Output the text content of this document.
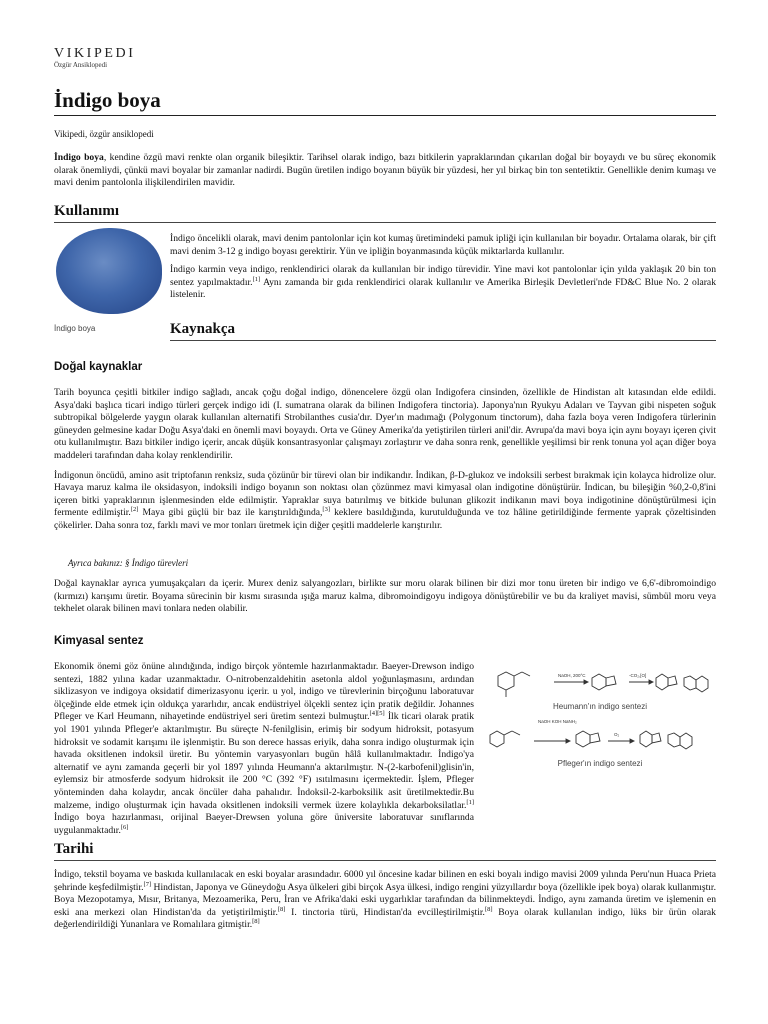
VIKIPEDI
Özgür Ansiklopedi
İndigo boya
Vikipedi, özgür ansiklopedi

İndigo boya, kendine özgü mavi renkte olan organik bileşiktir. Tarihsel olarak indigo, bazı bitkilerin yapraklarından çıkarılan doğal bir boyaydı ve bu süreç ekonomik olarak önemliydi, çünkü mavi boyalar bir zamanlar nadirdi. Bugün üretilen indigo boyanın büyük bir yüzdesi, her yıl birkaç bin ton sentetiktir. Genellikle denim kumaşı ve mavi denim pantolonla ilişkilendirilen mavidir.

Kullanımı
İndigo boya

İndigo öncelikli olarak, mavi denim pantolonlar için kot kumaş üretimindeki pamuk ipliği için kullanılan bir boyadır. Ortalama olarak, bir çift mavi denim 3-12 g indigo boyası gerektirir. Yün ve ipliğin boyanmasında küçük miktarlarda kullanılır.

İndigo karmin veya indigo, renklendirici olarak da kullanılan bir indigo türevidir. Yine mavi kot pantolonlar için yılda yaklaşık 20 bin ton sentez yapılmaktadır.[1] Aynı zamanda bir gıda renklendirici olarak kullanılır ve Amerika Birleşik Devletleri'nde FD&C Blue No. 2 olarak listelenir.

Kaynakça
Doğal kaynaklar

Tarih boyunca çeşitli bitkiler indigo sağladı, ancak çoğu doğal indigo, dönencelere özgü olan Indigofera cinsinden, özellikle de Hindistan alt kıtasından elde edildi. Asya'daki başlıca ticari indigo türleri gerçek indigo idi (I. sumatrana olarak da bilinen Indigofera tinctoria). Japonya'nın Ryukyu Adaları ve Tayvan gibi nispeten soğuk subtropikal bölgelerde yaygın olarak kullanılan alternatifi Strobilanthes cusia'dır. Dyer'ın madımağı (Polygonum tinctorum), daha fazla boya veren Indigofera türlerinin güneyden gelmesine kadar Doğu Asya'daki en önemli mavi boyaydı. Orta ve Güney Amerika'da yetiştirilen türleri anil'dir. Avrupa'da mavi boya için aynı boyayı içeren çivit otu kullanılmıştır. Bazı bitkiler indigo içerir, ancak düşük konsantrasyonlar çalışmayı zorlaştırır ve daha sonra renk, genellikle yeşilimsi bir renk tonuna yol açan diğer boya maddeleri tarafından daha kolay renklendirilir.

İndigonun öncüdü, amino asit triptofanın renksiz, suda çözünür bir türevi olan bir indikandır. İndikan, β-D-glukoz ve indoksili serbest bırakmak için kolayca hidrolize olur. Havaya maruz kalma ile oksidasyon, indoksili indigo boyanın son noktası olan çözünmez mavi kimyasal olan indigotine dönüştürür. İndican, bu bileşiğin %0,2-0,8'ini içeren bitki yapraklarının işlenmesinden elde edilmiştir. Yapraklar suya batırılmış ve bitkide bulunan glikozit indikanın mavi boya indigotinine dönüştürülmesi için fermente edilmiştir.[2] Maya gibi güçlü bir baz ile karıştırıldığında,[3] keklere basıldığında, kurutulduğunda ve toz hâline getirildiğinde fermente yaprak çözeltisinden çökelirler. Daha sonra toz, farklı mavi ve mor tonları üretmek için diğer çeşitli maddelerle karıştırılır.

Ayrıca bakınız: § İndigo türevleri

Doğal kaynaklar ayrıca yumuşakçaları da içerir. Murex deniz salyangozları, birlikte sur moru olarak bilinen bir dizi mor tonu üreten bir indigo ve 6,6'-dibromoindigo (kırmızı) karışımı üretir. Boyama sürecinin bir kısmı sırasında ışığa maruz kalma, dibromoindigoyu indigoya dönüştürebilir ve bu da kraliyet mavisi, sümbül moru veya tekhelet olarak bilinen mavi tonlara neden olabilir.

Kimyasal sentez
NaOH, 200°C	-CO₂,[O]
Heumann'ın indigo sentezi
NaOH KOH NaNH₂
O₂
Pfleger'ın indigo sentezi

Ekonomik önemi göz önüne alındığında, indigo birçok yöntemle hazırlanmaktadır. Baeyer-Drewson indigo sentezi, 1882 yılına kadar uzanmaktadır. O-nitrobenzaldehitin asetonla aldol yoğunlaşmasını, ardından siklizasyon ve indigoya oksidatif dimerizasyonu içerir. u yol, indigo ve türevlerinin birçoğunu laboratuvar ölçeğinde elde etmek için oldukça yararlıdır, ancak endüstriyel ölçekli sentez için pratik değildir. Johannes Pfleger ve Karl Heumann, nihayetinde endüstriyel seri üretim sentezi bulmuştur.[4][5] İlk ticari olarak pratik yol 1901 yılında Pfleger'e aktarılmıştır. Bu süreçte N-fenilglisin, erimiş bir sodyum hidroksit, potasyum hidroksit ve sodamit karışımı ile işlenmiştir. Bu son derece hassas eriyik, daha sonra indigo oluşturmak için havada oksitlenen indoksil üretir. Bu yöntemin varyasyonları bugün hâlâ kullanılmaktadır. İndigo'ya alternatif ve aynı zamanda geçerli bir yol 1897 yılında Heumann'a aktarılmıştır. N-(2-karbofenil)glisin'in, eylemsiz bir atmosferde sodyum hidroksit ile 200 °C (392 °F) ısıtılmasını içermektedir. İşlem, Pfleger yönteminden daha kolaydır, ancak öncüler daha pahalıdır. İndoksil-2-karboksilik asit üretilmektedir.Bu malzeme, indigo oluşturmak için havada oksitlenen indoksili vermek üzere kolaylıkla dekarboksilatlar.[1] İndigo boya hazırlanması, orijinal Baeyer-Drewsen yoluna göre üniversite laboratuvar sınıflarında uygulanmaktadır.[6]

Tarihi

İndigo, tekstil boyama ve baskıda kullanılacak en eski boyalar arasındadır. 6000 yıl öncesine kadar bilinen en eski boyalı indigo mavisi 2009 yılında Peru'nun Huaca Prieta şehrinde keşfedilmiştir.[7] Hindistan, Japonya ve Güneydoğu Asya ülkeleri gibi birçok Asya ülkesi, indigo rengini yüzyıllardır boya (özellikle ipek boya) olarak kullanmıştır. Boya Mezopotamya, Mısır, Britanya, Mezoamerika, Peru, İran ve Afrika'daki eski uygarlıklar tarafından da bilinmekteydi. İndigo, aynı zamanda üretim ve işlemenin en eski ana merkezi olan Hindistan'da da yetiştirilmiştir.[8] I. tinctoria türü, Hindistan'da evcilleştirilmiştir.[8] Boya olarak kullanılan indigo, lüks bir ürün olarak değerlendirildiği Yunanlara ve Romalılara gitmiştir.[8]
